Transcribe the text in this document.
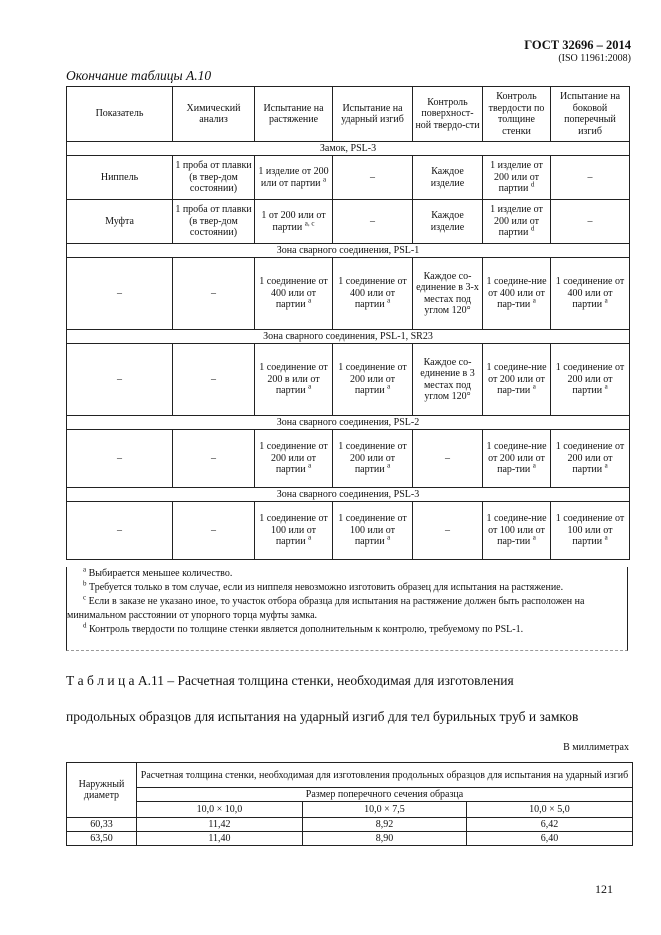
ГОСТ 32696 – 2014
(ISO 11961:2008)
Окончание таблицы А.10
Показатель	Химический анализ	Испытание на растяжение	Испытание на ударный изгиб	Контроль поверхност-ной твердо-сти	Контроль твердости по толщине стенки	Испытание на боковой поперечный изгиб
Замок, PSL-3						
Ниппель	1 проба от плавки (в твер-дом состоянии)	1 изделие от 200 или от партии $^а$	–	Каждое изделие	1 изделие от 200 или от партии $^d$	–
Муфта	1 проба от плавки (в твер-дом состоянии)	1 от 200 или от партии $^{а, с}$	–	Каждое изделие	1 изделие от 200 или от партии $^d$	–
Зона сварного соединения, PSL-1						
–	–	1 соединение от 400 или от партии $^а$	1 соединение от 400 или от партии $^а$	Каждое со-единение в 3-х местах под углом 120°	1 соедине-ние от 400 или от пар-тии $^а$	1 соединение от 400 или от партии $^а$
Зона сварного соединения, PSL-1, SR23						
–	–	1 соединение от 200 в или от партии $^а$	1 соединение от 200 или от партии $^а$	Каждое со-единение в 3 местах под углом 120°	1 соедине-ние от 200 или от пар-тии $^а$	1 соединение от 200 или от партии $^а$
Зона сварного соединения, PSL-2						
–	–	1 соединение от 200 или от партии $^а$	1 соединение от 200 или от партии $^а$	–	1 соедине-ние от 200 или от пар-тии $^а$	1 соединение от 200 или от партии $^а$
Зона сварного соединения, PSL-3						
–	–	1 соединение от 100 или от партии $^а$	1 соединение от 100 или от партии $^а$	–	1 соедине-ние от 100 или от пар-тии $^а$	1 соединение от 100 или от партии $^а$
$^a$ Выбирается меньшее количество.
$^b$ Требуется только в том случае, если из ниппеля невозможно изготовить образец для испытания на растяжение.
$^c$ Если в заказе не указано иное, то участок отбора образца для испытания на растяжение должен быть расположен на минимальном расстоянии от упорного торца муфты замка.
$^d$ Контроль твердости по толщине стенки является дополнительным к контролю, требуемому по PSL-1.
Т а б л и ц а А.11 – Расчетная толщина стенки, необходимая для изготовления
продольных образцов для испытания на ударный изгиб для тел бурильных труб и замков
В миллиметрах
Наружный диаметр	Расчетная толщина стенки, необходимая для изготовления продольных образцов для испытания на ударный изгиб		
	Размер поперечного сечения образца		
	10,0 × 10,0	10,0 × 7,5	10,0 × 5,0
60,33	11,42	8,92	6,42
63,50	11,40	8,90	6,40
121
